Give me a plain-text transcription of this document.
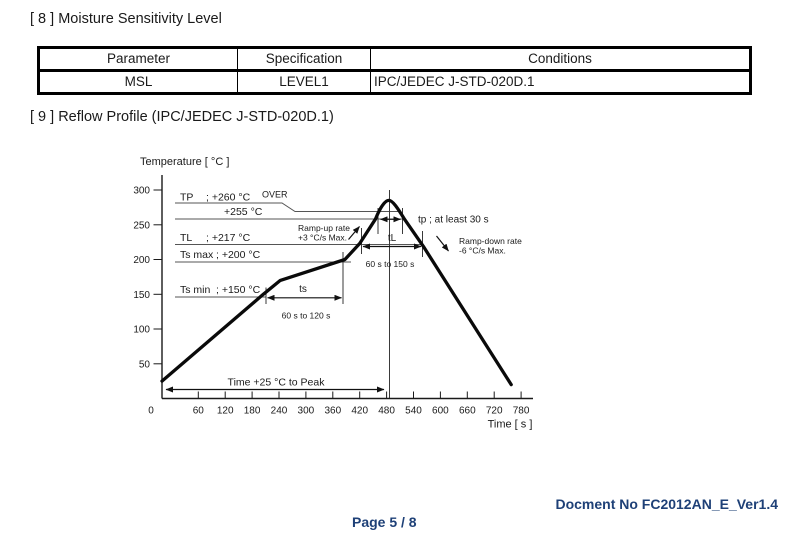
[ 8 ] Moisture Sensitivity Level
Parameter	Specification	Conditions
MSL	LEVEL1	IPC/JEDEC J-STD-020D.1
[ 9 ] Reflow Profile (IPC/JEDEC J-STD-020D.1)
60 120 180 240 300 360 420 480 540 600 660 720 780
50
100
150
200
250
300
Temperature [ °C ]
Time [ s ]
0
TP ; +260 °C OVER
+255 °C
TL ; +217 °C
Ts max ; +200 °C
Ts min ; +150 °C
Ramp-up rate
+3 °C/s Max.	tL
60 s to 150 s
tp ; at least 30 s
Ramp-down rate
-6 °C/s Max.
ts
60 s to 120 s
Time +25 °C to Peak
Docment No FC2012AN_E_Ver1.4
Page 5 / 8
